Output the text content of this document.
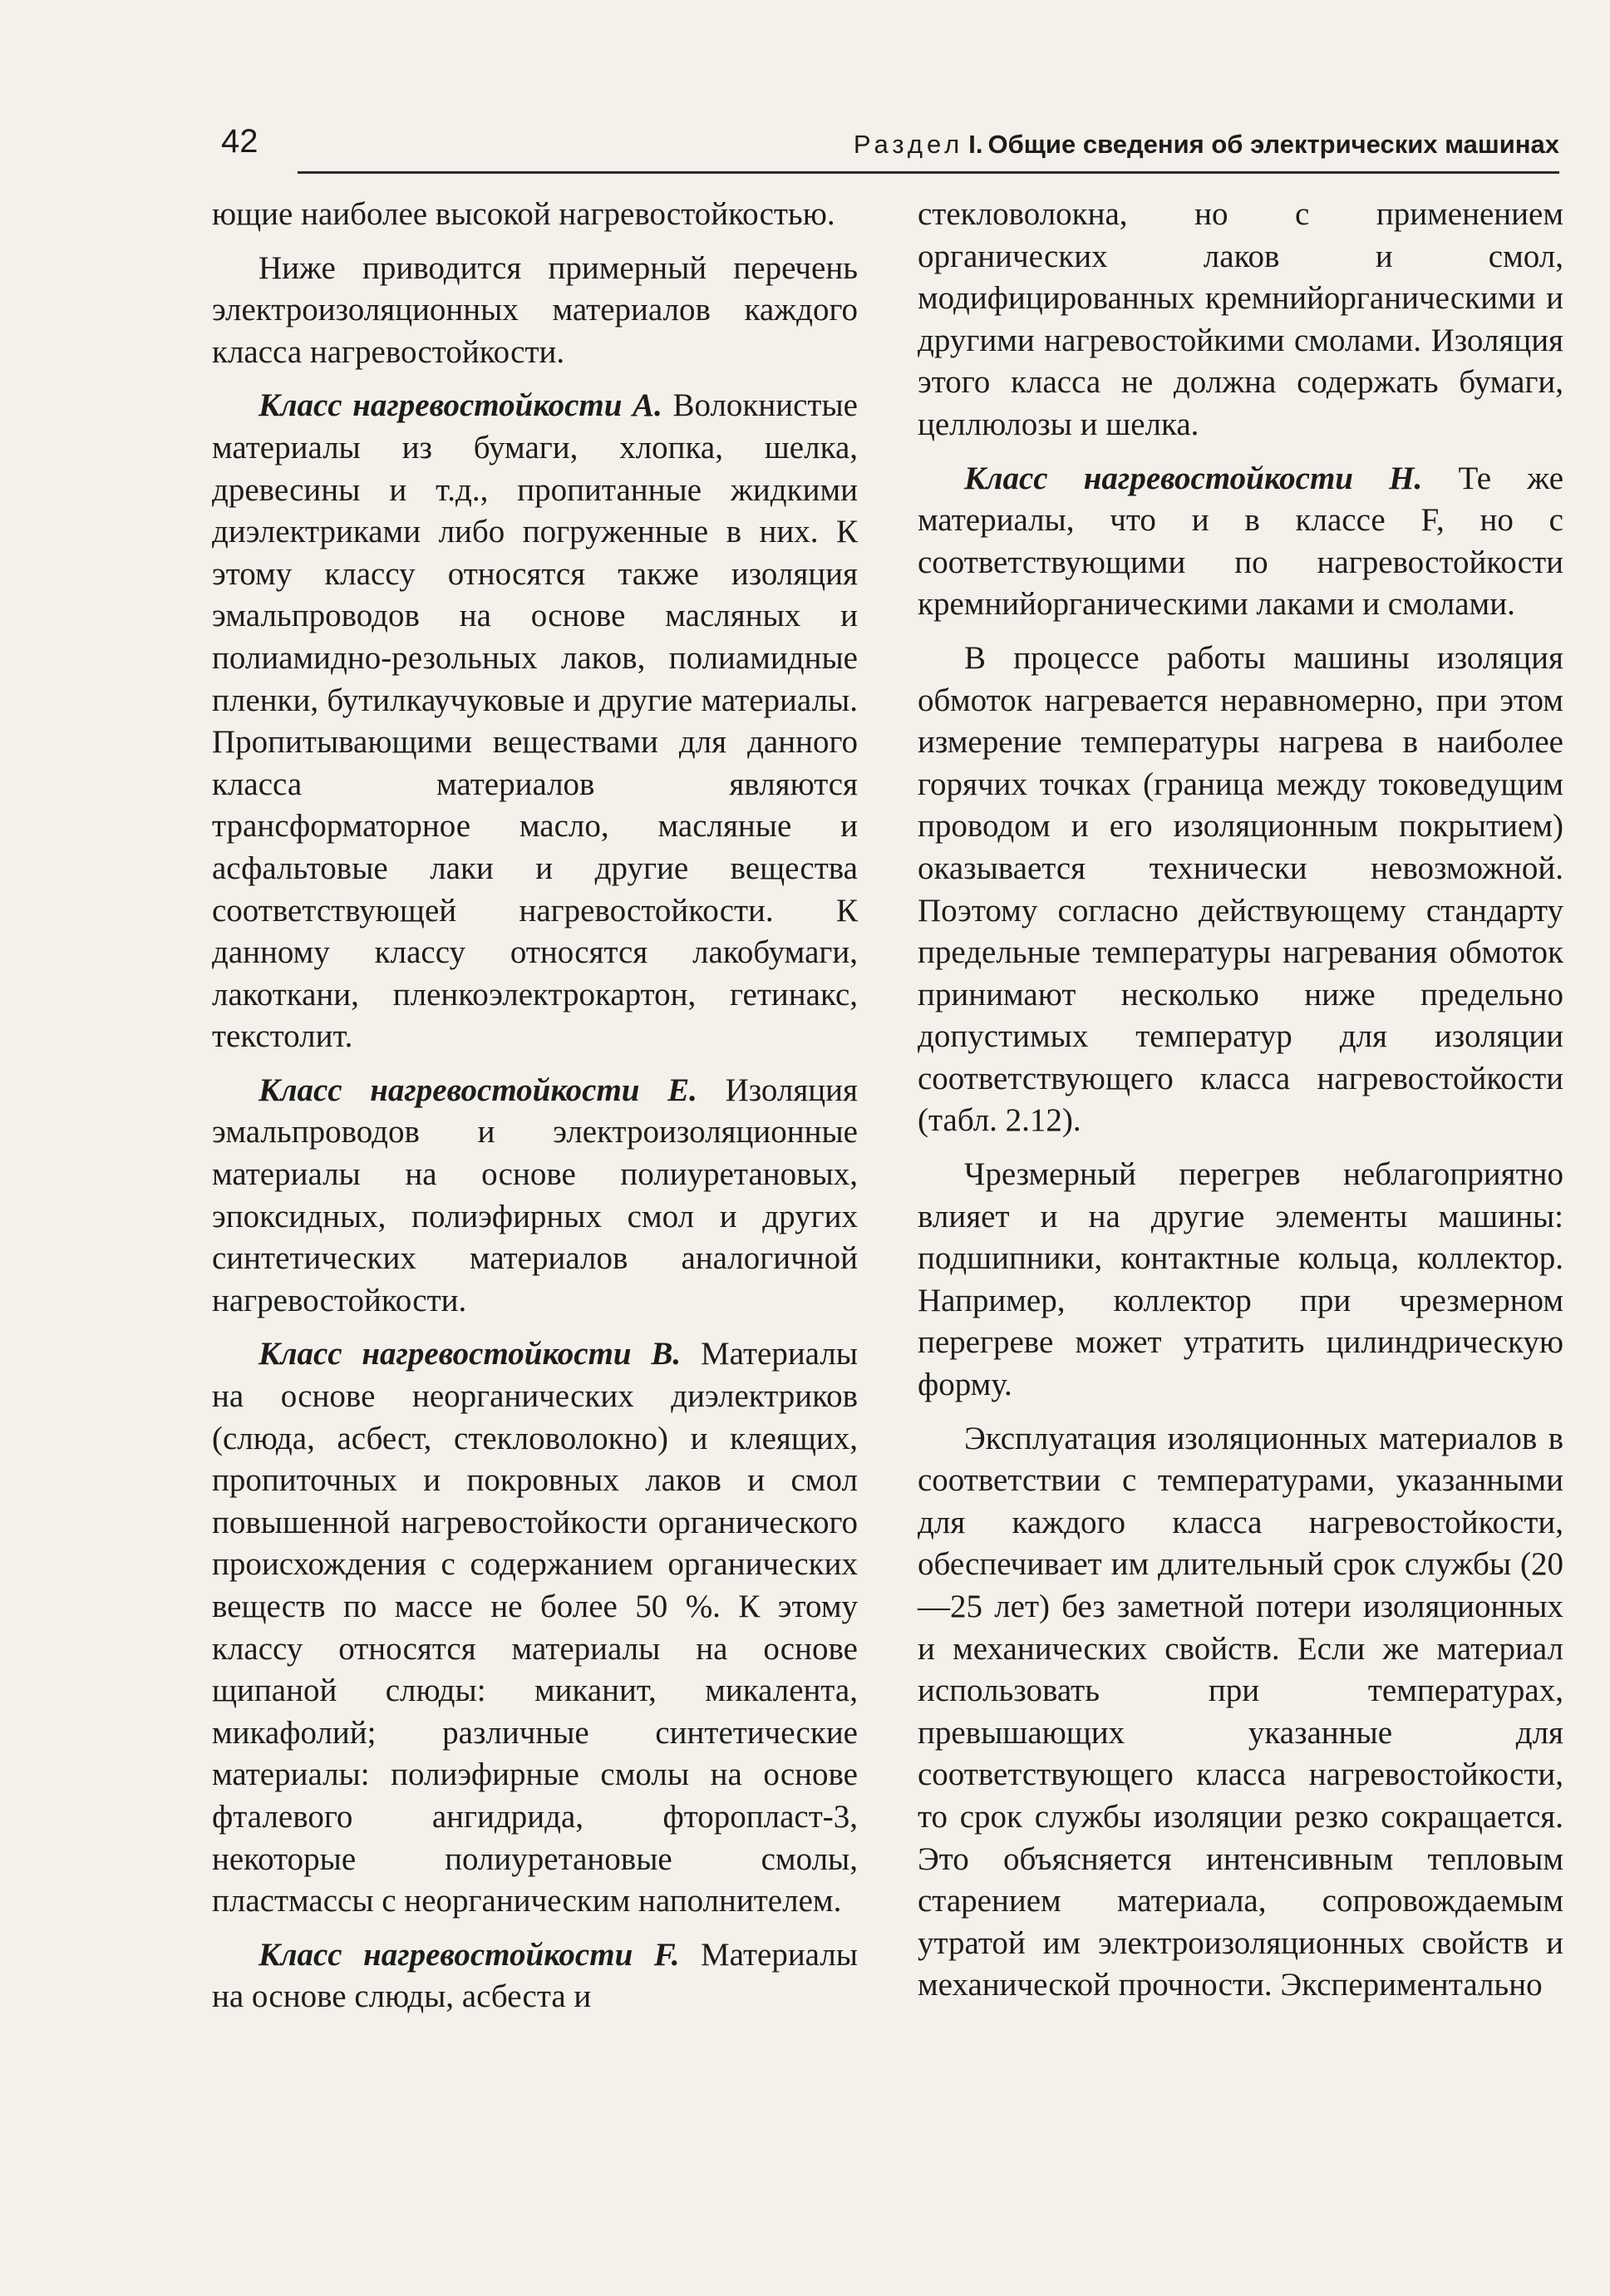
42	Раздел I. Общие сведения об электрических машинах

ющие наиболее высокой нагревостойкостью.

Ниже приводится примерный перечень электроизоляционных материалов каждого класса нагревостойкости.

Класс нагревостойкости А. Волокнистые материалы из бумаги, хлопка, шелка, древесины и т.д., пропитанные жидкими диэлектриками либо погруженные в них. К этому классу относятся также изоляция эмальпроводов на основе масляных и полиамидно-резольных лаков, полиамидные пленки, бутилкаучуковые и другие материалы. Пропитывающими веществами для данного класса материалов являются трансформаторное масло, масляные и асфальтовые лаки и другие вещества соответствующей нагревостойкости. К данному классу относятся лакобумаги, лакоткани, пленкоэлектрокартон, гетинакс, текстолит.

Класс нагревостойкости Е. Изоляция эмальпроводов и электроизоляционные материалы на основе полиуретановых, эпоксидных, полиэфирных смол и других синтетических материалов аналогичной нагревостойкости.

Класс нагревостойкости В. Материалы на основе неорганических диэлектриков (слюда, асбест, стекловолокно) и клеящих, пропиточных и покровных лаков и смол повышенной нагревостойкости органического происхождения с содержанием органических веществ по массе не более 50 %. К этому классу относятся материалы на основе щипаной слюды: миканит, микалента, микафолий; различные синтетические материалы: полиэфирные смолы на основе фталевого ангидрида, фторопласт-3, некоторые полиуретановые смолы, пластмассы с неорганическим наполнителем.

Класс нагревостойкости F. Материалы на основе слюды, асбеста и

стекловолокна, но с применением органических лаков и смол, модифицированных кремнийорганическими и другими нагревостойкими смолами. Изоляция этого класса не должна содержать бумаги, целлюлозы и шелка.

Класс нагревостойкости Н. Те же материалы, что и в классе F, но с соответствующими по нагревостойкости кремнийорганическими лаками и смолами.

В процессе работы машины изоляция обмоток нагревается неравномерно, при этом измерение температуры нагрева в наиболее горячих точках (граница между токоведущим проводом и его изоляционным покрытием) оказывается технически невозможной. Поэтому согласно действующему стандарту предельные температуры нагревания обмоток принимают несколько ниже предельно допустимых температур для изоляции соответствующего класса нагревостойкости (табл. 2.12).

Чрезмерный перегрев неблагоприятно влияет и на другие элементы машины: подшипники, контактные кольца, коллектор. Например, коллектор при чрезмерном перегреве может утратить цилиндрическую форму.

Эксплуатация изоляционных материалов в соответствии с температурами, указанными для каждого класса нагревостойкости, обеспечивает им длительный срок службы (20—25 лет) без заметной потери изоляционных и механических свойств. Если же материал использовать при температурах, превышающих указанные для соответствующего класса нагревостойкости, то срок службы изоляции резко сокращается. Это объясняется интенсивным тепловым старением материала, сопровождаемым утратой им электроизоляционных свойств и механической прочности. Экспериментально
